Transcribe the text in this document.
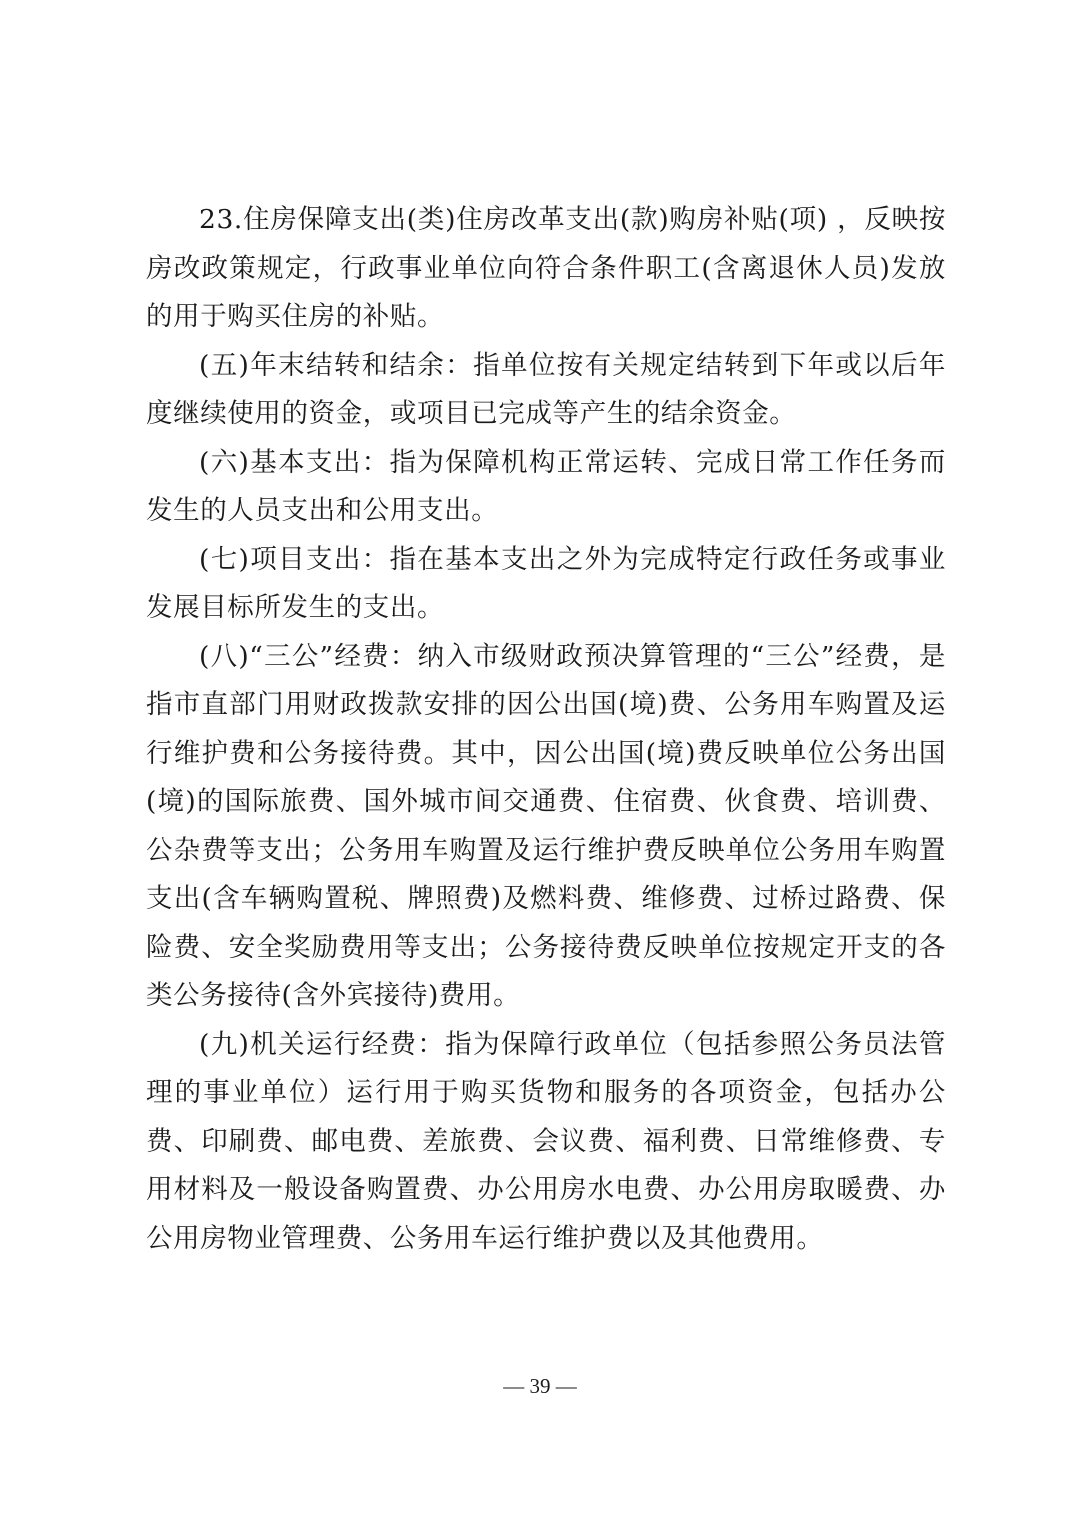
23.住房保障支出(类)住房改革支出(款)购房补贴(项) ，反映按房改政策规定，行政事业单位向符合条件职工(含离退休人员)发放的用于购买住房的补贴。

(五)年末结转和结余：指单位按有关规定结转到下年或以后年度继续使用的资金，或项目已完成等产生的结余资金。

(六)基本支出：指为保障机构正常运转、完成日常工作任务而发生的人员支出和公用支出。

(七)项目支出：指在基本支出之外为完成特定行政任务或事业发展目标所发生的支出。

(八)“三公”经费：纳入市级财政预决算管理的“三公”经费，是指市直部门用财政拨款安排的因公出国(境)费、公务用车购置及运行维护费和公务接待费。其中，因公出国(境)费反映单位公务出国(境)的国际旅费、国外城市间交通费、住宿费、伙食费、培训费、公杂费等支出；公务用车购置及运行维护费反映单位公务用车购置支出(含车辆购置税、牌照费)及燃料费、维修费、过桥过路费、保险费、安全奖励费用等支出；公务接待费反映单位按规定开支的各类公务接待(含外宾接待)费用。

(九)机关运行经费：指为保障行政单位（包括参照公务员法管理的事业单位）运行用于购买货物和服务的各项资金，包括办公费、印刷费、邮电费、差旅费、会议费、福利费、日常维修费、专用材料及一般设备购置费、办公用房水电费、办公用房取暖费、办公用房物业管理费、公务用车运行维护费以及其他费用。

— 39 —
